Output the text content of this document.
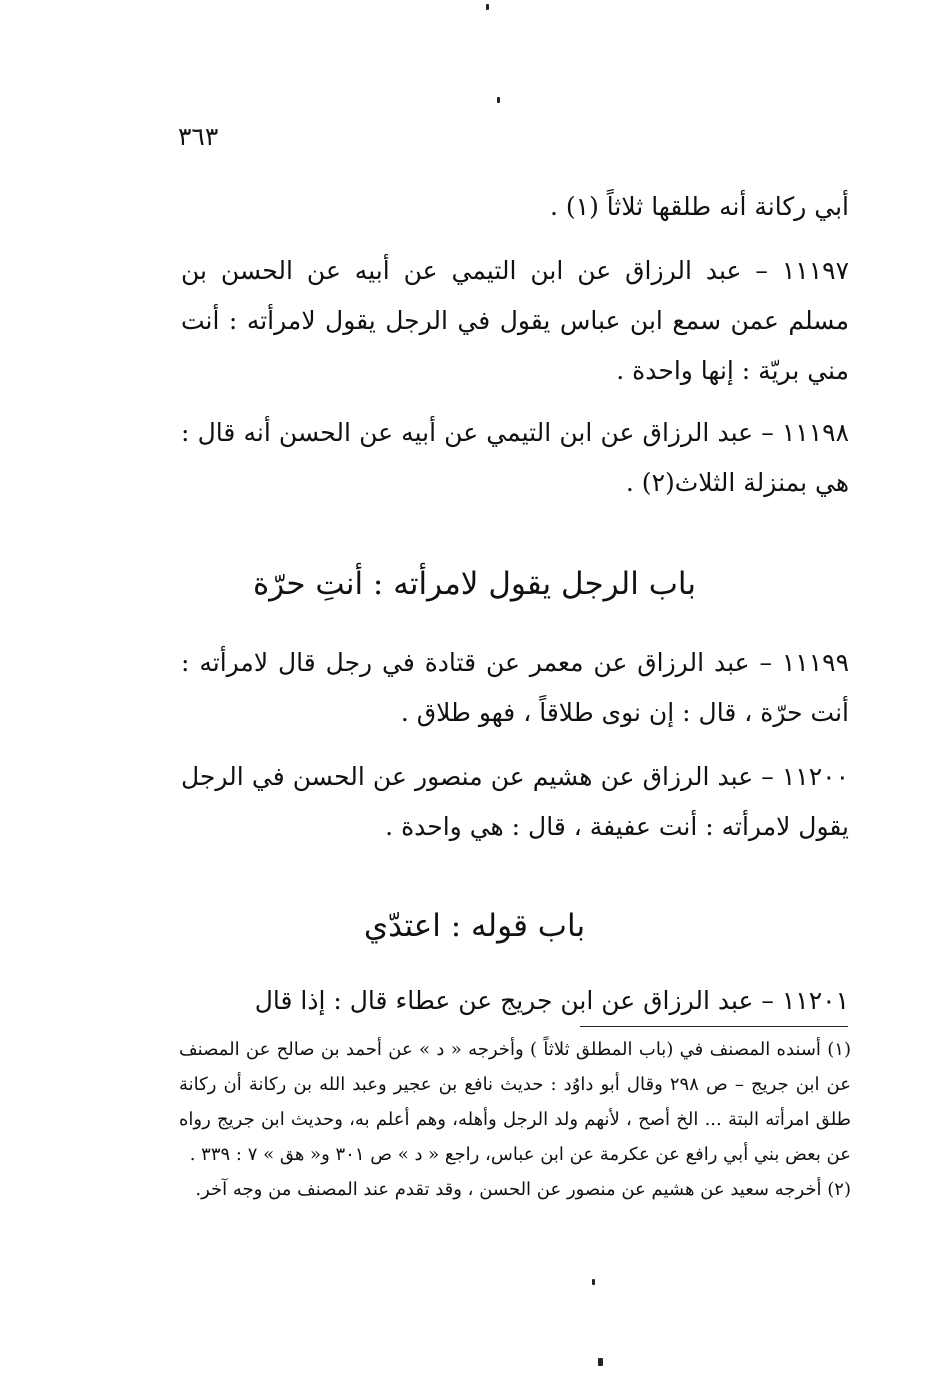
٣٦٣
أبي ركانة أنه طلقها ثلاثاً (١) .
١١١٩٧ – عبد الرزاق عن ابن التيمي عن أبيه عن الحسن بن مسلم عمن سمع ابن عباس يقول في الرجل يقول لامرأته : أنت مني بريّة : إنها واحدة .
١١١٩٨ – عبد الرزاق عن ابن التيمي عن أبيه عن الحسن أنه قال : هي بمنزلة الثلاث(٢) .
باب الرجل يقول لامرأته : أنتِ حرّة
١١١٩٩ – عبد الرزاق عن معمر عن قتادة في رجل قال لامرأته : أنت حرّة ، قال : إن نوى طلاقاً ، فهو طلاق .
١١٢٠٠ – عبد الرزاق عن هشيم عن منصور عن الحسن في الرجل يقول لامرأته : أنت عفيفة ، قال : هي واحدة .
باب قوله : اعتدّي
١١٢٠١ – عبد الرزاق عن ابن جريج عن عطاء قال : إذا قال

(١) أسنده المصنف في (باب المطلق ثلاثاً ) وأخرجه « د » عن أحمد بن صالح عن المصنف عن ابن جريج – ص ٢٩٨ وقال أبو داوُد : حديث نافع بن عجير وعبد الله بن ركانة أن ركانة طلق امرأته البتة ... الخ أصح ، لأنهم ولد الرجل وأهله، وهم أعلم به، وحديث ابن جريج رواه عن بعض بني أبي رافع عن عكرمة عن ابن عباس، راجع « د » ص ٣٠١ و« هق » ٧ : ٣٣٩ .

(٢) أخرجه سعيد عن هشيم عن منصور عن الحسن ، وقد تقدم عند المصنف من وجه آخر.
